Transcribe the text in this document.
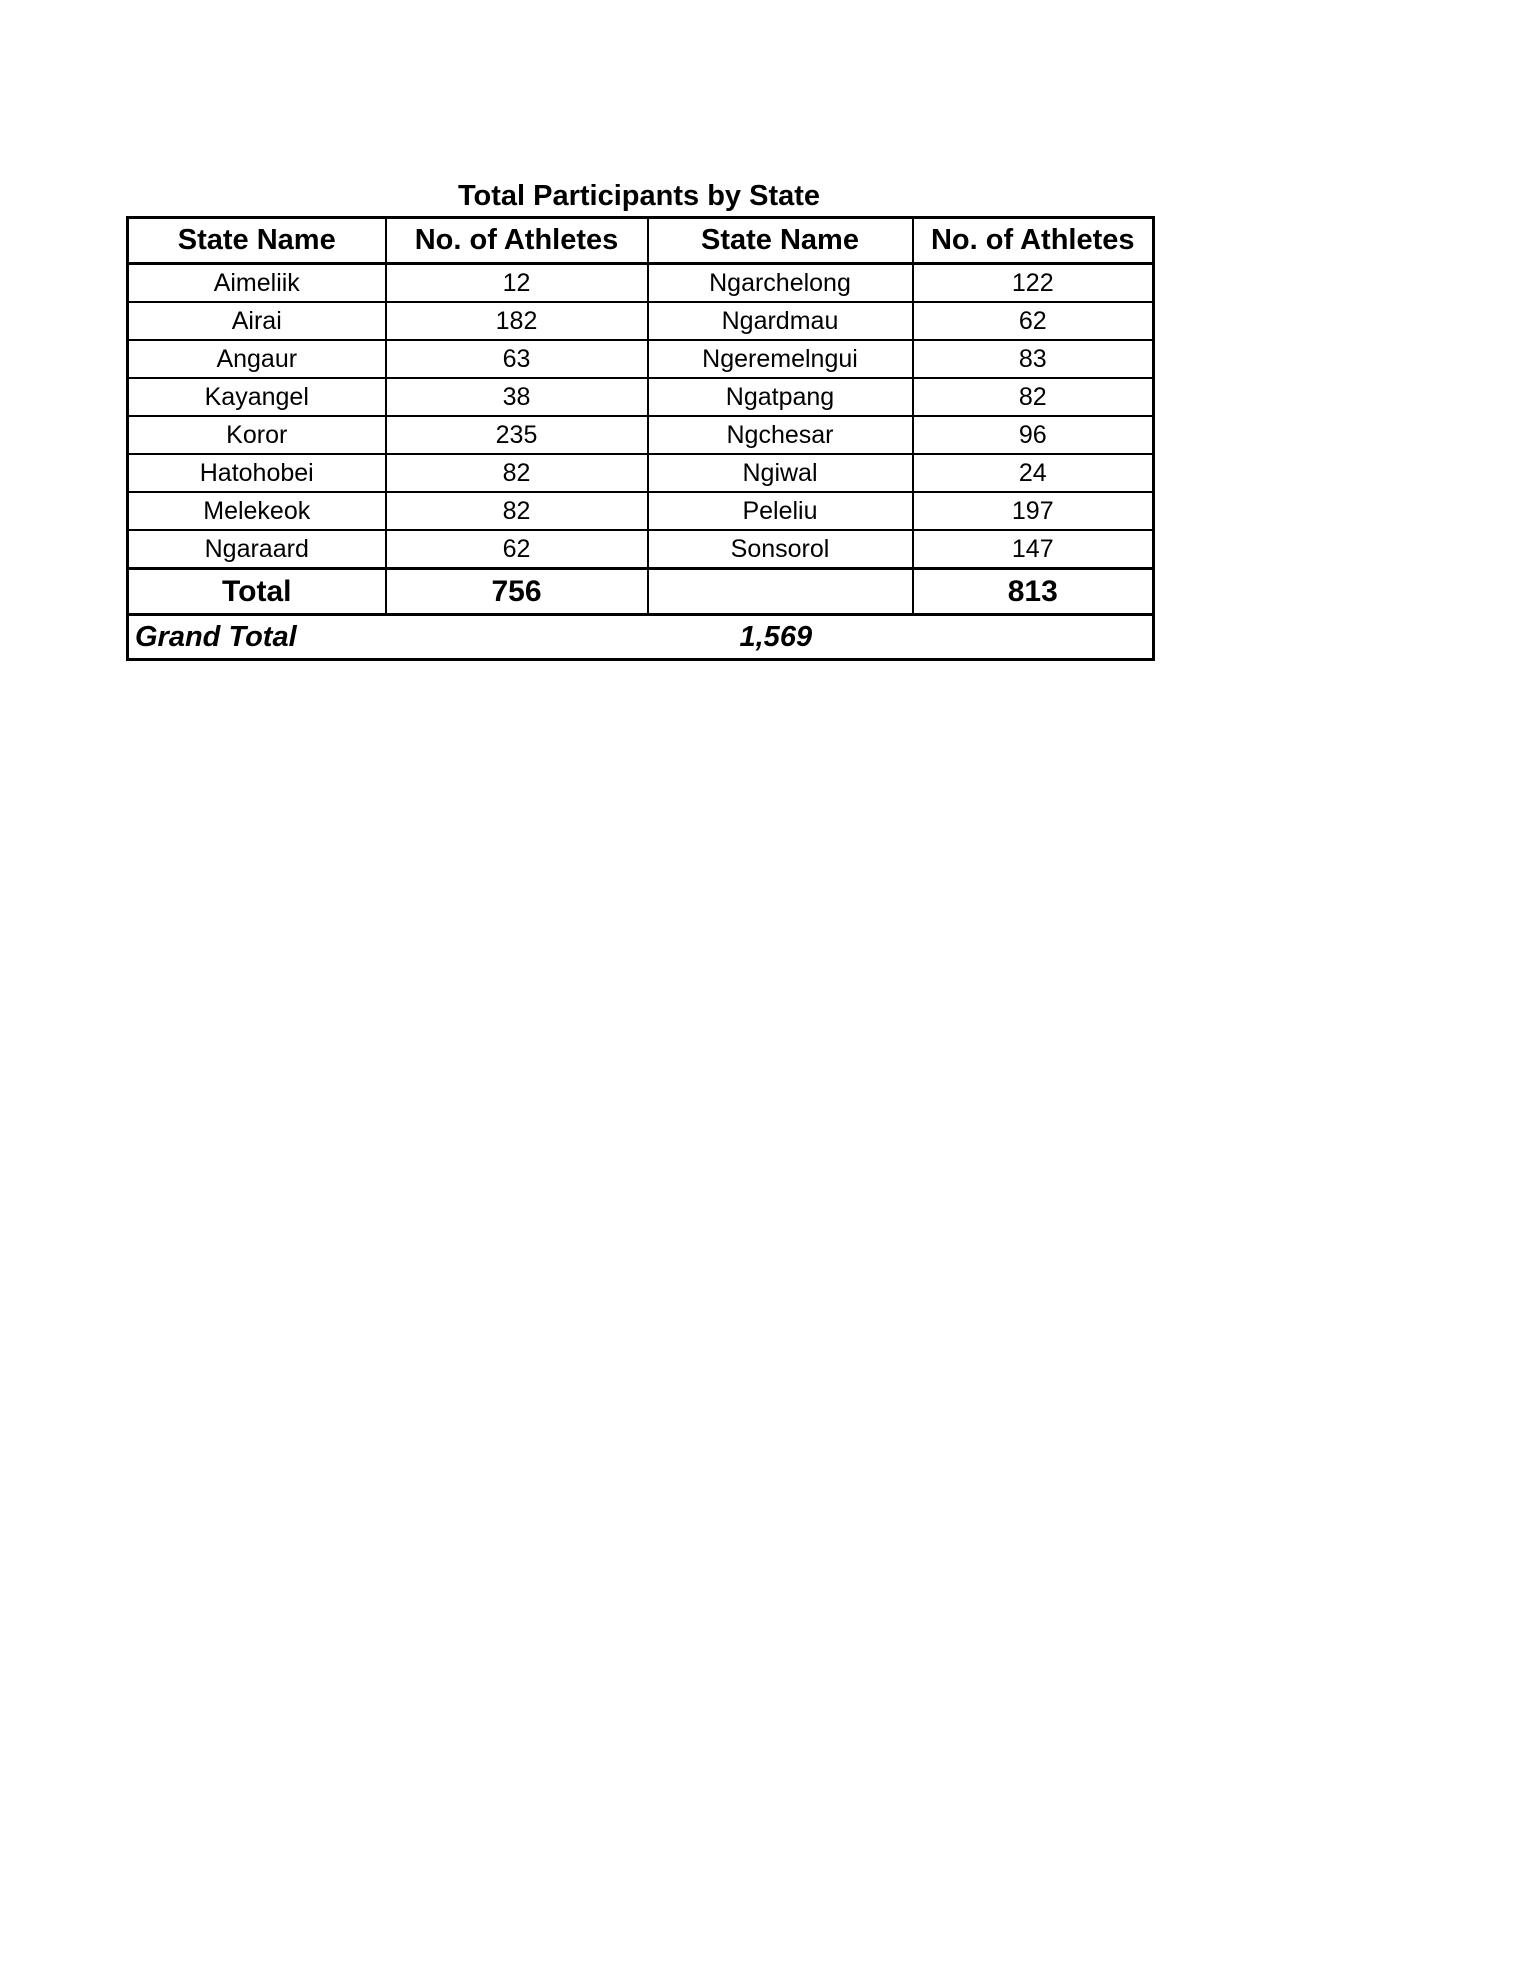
Total Participants by State
State Name	No. of Athletes	State Name	No. of Athletes
Aimeliik	12	Ngarchelong	122
Airai	182	Ngardmau	62
Angaur	63	Ngeremelngui	83
Kayangel	38	Ngatpang	82
Koror	235	Ngchesar	96
Hatohobei	82	Ngiwal	24
Melekeok	82	Peleliu	197
Ngaraard	62	Sonsorol	147
Total	756		813
Grand Total		1,569	
